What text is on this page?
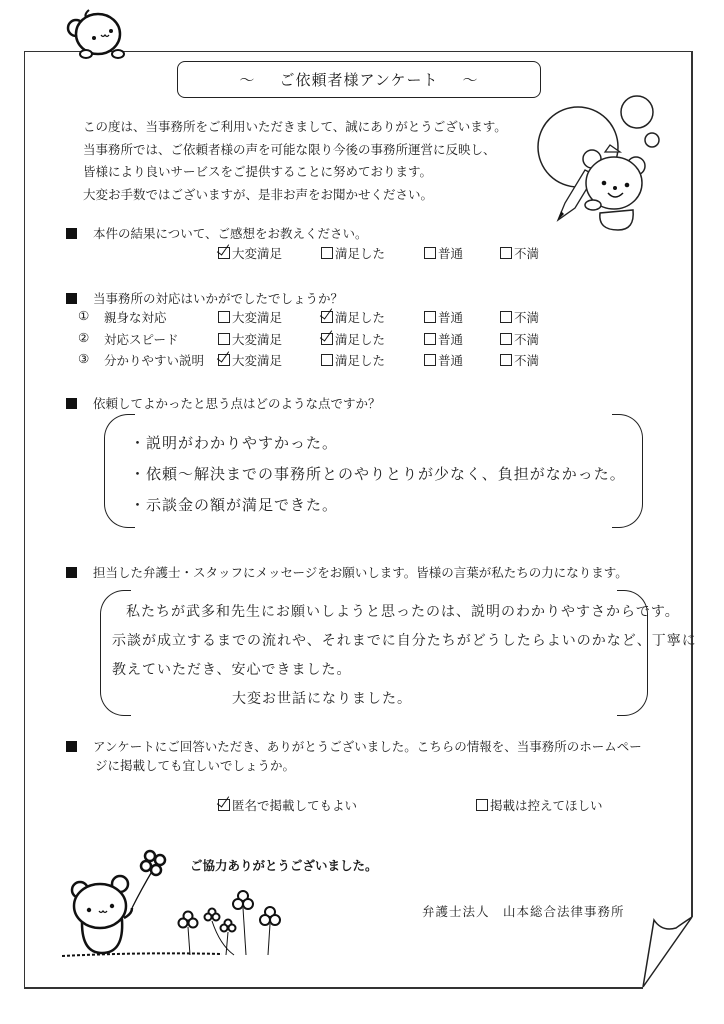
～ ご依頼者様アンケート ～
この度は、当事務所をご利用いただきまして、誠にありがとうございます。
当事務所では、ご依頼者様の声を可能な限り今後の事務所運営に反映し、
皆様により良いサービスをご提供することに努めております。
大変お手数ではございますが、是非お声をお聞かせください。
本件の結果について、ご感想をお教えください。
大変満足	満足した	普通	不満
当事務所の対応はいかがでしたでしょうか？
① 親身な対応	大変満足	満足した	普通	不満
② 対応スピード	大変満足	満足した	普通	不満
③ 分かりやすい説明 大変満足	満足した	普通	不満
依頼してよかったと思う点はどのような点ですか？
・説明がわかりやすかった。
・依頼～解決までの事務所とのやりとりが少なく、負担がなかった。
・示談金の額が満足できた。
担当した弁護士・スタッフにメッセージをお願いします。皆様の言葉が私たちの力になります。
私たちが武多和先生にお願いしようと思ったのは、説明のわかりやすさからです。
示談が成立するまでの流れや、それまでに自分たちがどうしたらよいのかなど、丁寧に
教えていただき、安心できました。
大変お世話になりました。
アンケートにご回答いただき、ありがとうございました。こちらの情報を、当事務所のホームペー
ジに掲載しても宜しいでしょうか。
匿名で掲載してもよい	掲載は控えてほしい
ご協力ありがとうございました。
弁護士法人　山本総合法律事務所
